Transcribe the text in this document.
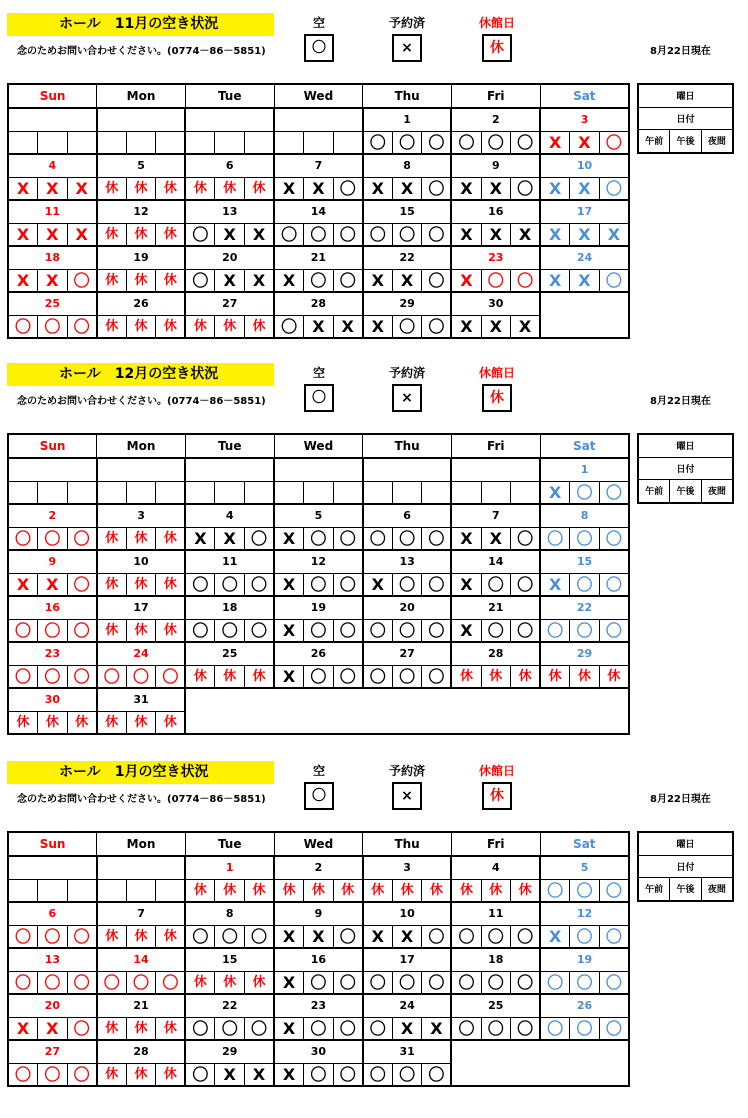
ホール　11月の空き状況
念のためお問い合わせください。(0774－86－5851)	8月22日現在
空
〇
予約済
×
休館日
休
Sun			Mon			Tue			Wed			Thu			Fri			Sat		
												1			2			3		
												〇	〇	〇	〇	〇	〇	X	X	〇
4			5			6			7			8			9			10		
X	X	X	休	休	休	休	休	休	X	X	〇	X	X	〇	X	X	〇	X	X	〇
11			12			13			14			15			16			17		
X	X	X	休	休	休	〇	X	X	〇	〇	〇	〇	〇	〇	X	X	X	X	X	X
18			19			20			21			22			23			24		
X	X	〇	休	休	休	〇	X	X	X	〇	〇	X	X	〇	X	〇	〇	X	X	〇
25			26			27			28			29			30					
〇	〇	〇	休	休	休	休	休	休	〇	X	X	X	〇	〇	X	X	X			
曜日
日付
午前	午後	夜間
ホール　12月の空き状況
念のためお問い合わせください。(0774－86－5851)	8月22日現在
空
〇
予約済
×
休館日
休
Sun			Mon			Tue			Wed			Thu			Fri			Sat		
																		1		
																		X	〇	〇
2			3			4			5			6			7			8		
〇	〇	〇	休	休	休	X	X	〇	X	〇	〇	〇	〇	〇	X	X	〇	〇	〇	〇
9			10			11			12			13			14			15		
X	X	〇	休	休	休	〇	〇	〇	X	〇	〇	X	〇	〇	X	〇	〇	X	〇	〇
16			17			18			19			20			21			22		
〇	〇	〇	休	休	休	〇	〇	〇	X	〇	〇	〇	〇	〇	X	〇	〇	〇	〇	〇
23			24			25			26			27			28			29		
〇	〇	〇	〇	〇	〇	休	休	休	X	〇	〇	〇	〇	〇	休	休	休	休	休	休
30			31																	
休	休	休	休	休	休															
曜日
日付
午前	午後	夜間
ホール　1月の空き状況
念のためお問い合わせください。(0774－86－5851)	8月22日現在
空
〇
予約済
×
休館日
休
Sun			Mon			Tue			Wed			Thu			Fri			Sat		
						1			2			3			4			5		
						休	休	休	休	休	休	休	休	休	休	休	休	〇	〇	〇
6			7			8			9			10			11			12		
〇	〇	〇	休	休	休	〇	〇	〇	X	X	〇	X	X	〇	〇	〇	〇	X	〇	〇
13			14			15			16			17			18			19		
〇	〇	〇	〇	〇	〇	休	休	休	X	〇	〇	〇	〇	〇	〇	〇	〇	〇	〇	〇
20			21			22			23			24			25			26		
X	X	〇	休	休	休	〇	〇	〇	X	〇	〇	〇	X	X	〇	〇	〇	〇	〇	〇
27			28			29			30			31								
〇	〇	〇	休	休	休	〇	X	X	X	〇	〇	〇	〇	〇						
曜日
日付
午前	午後	夜間
